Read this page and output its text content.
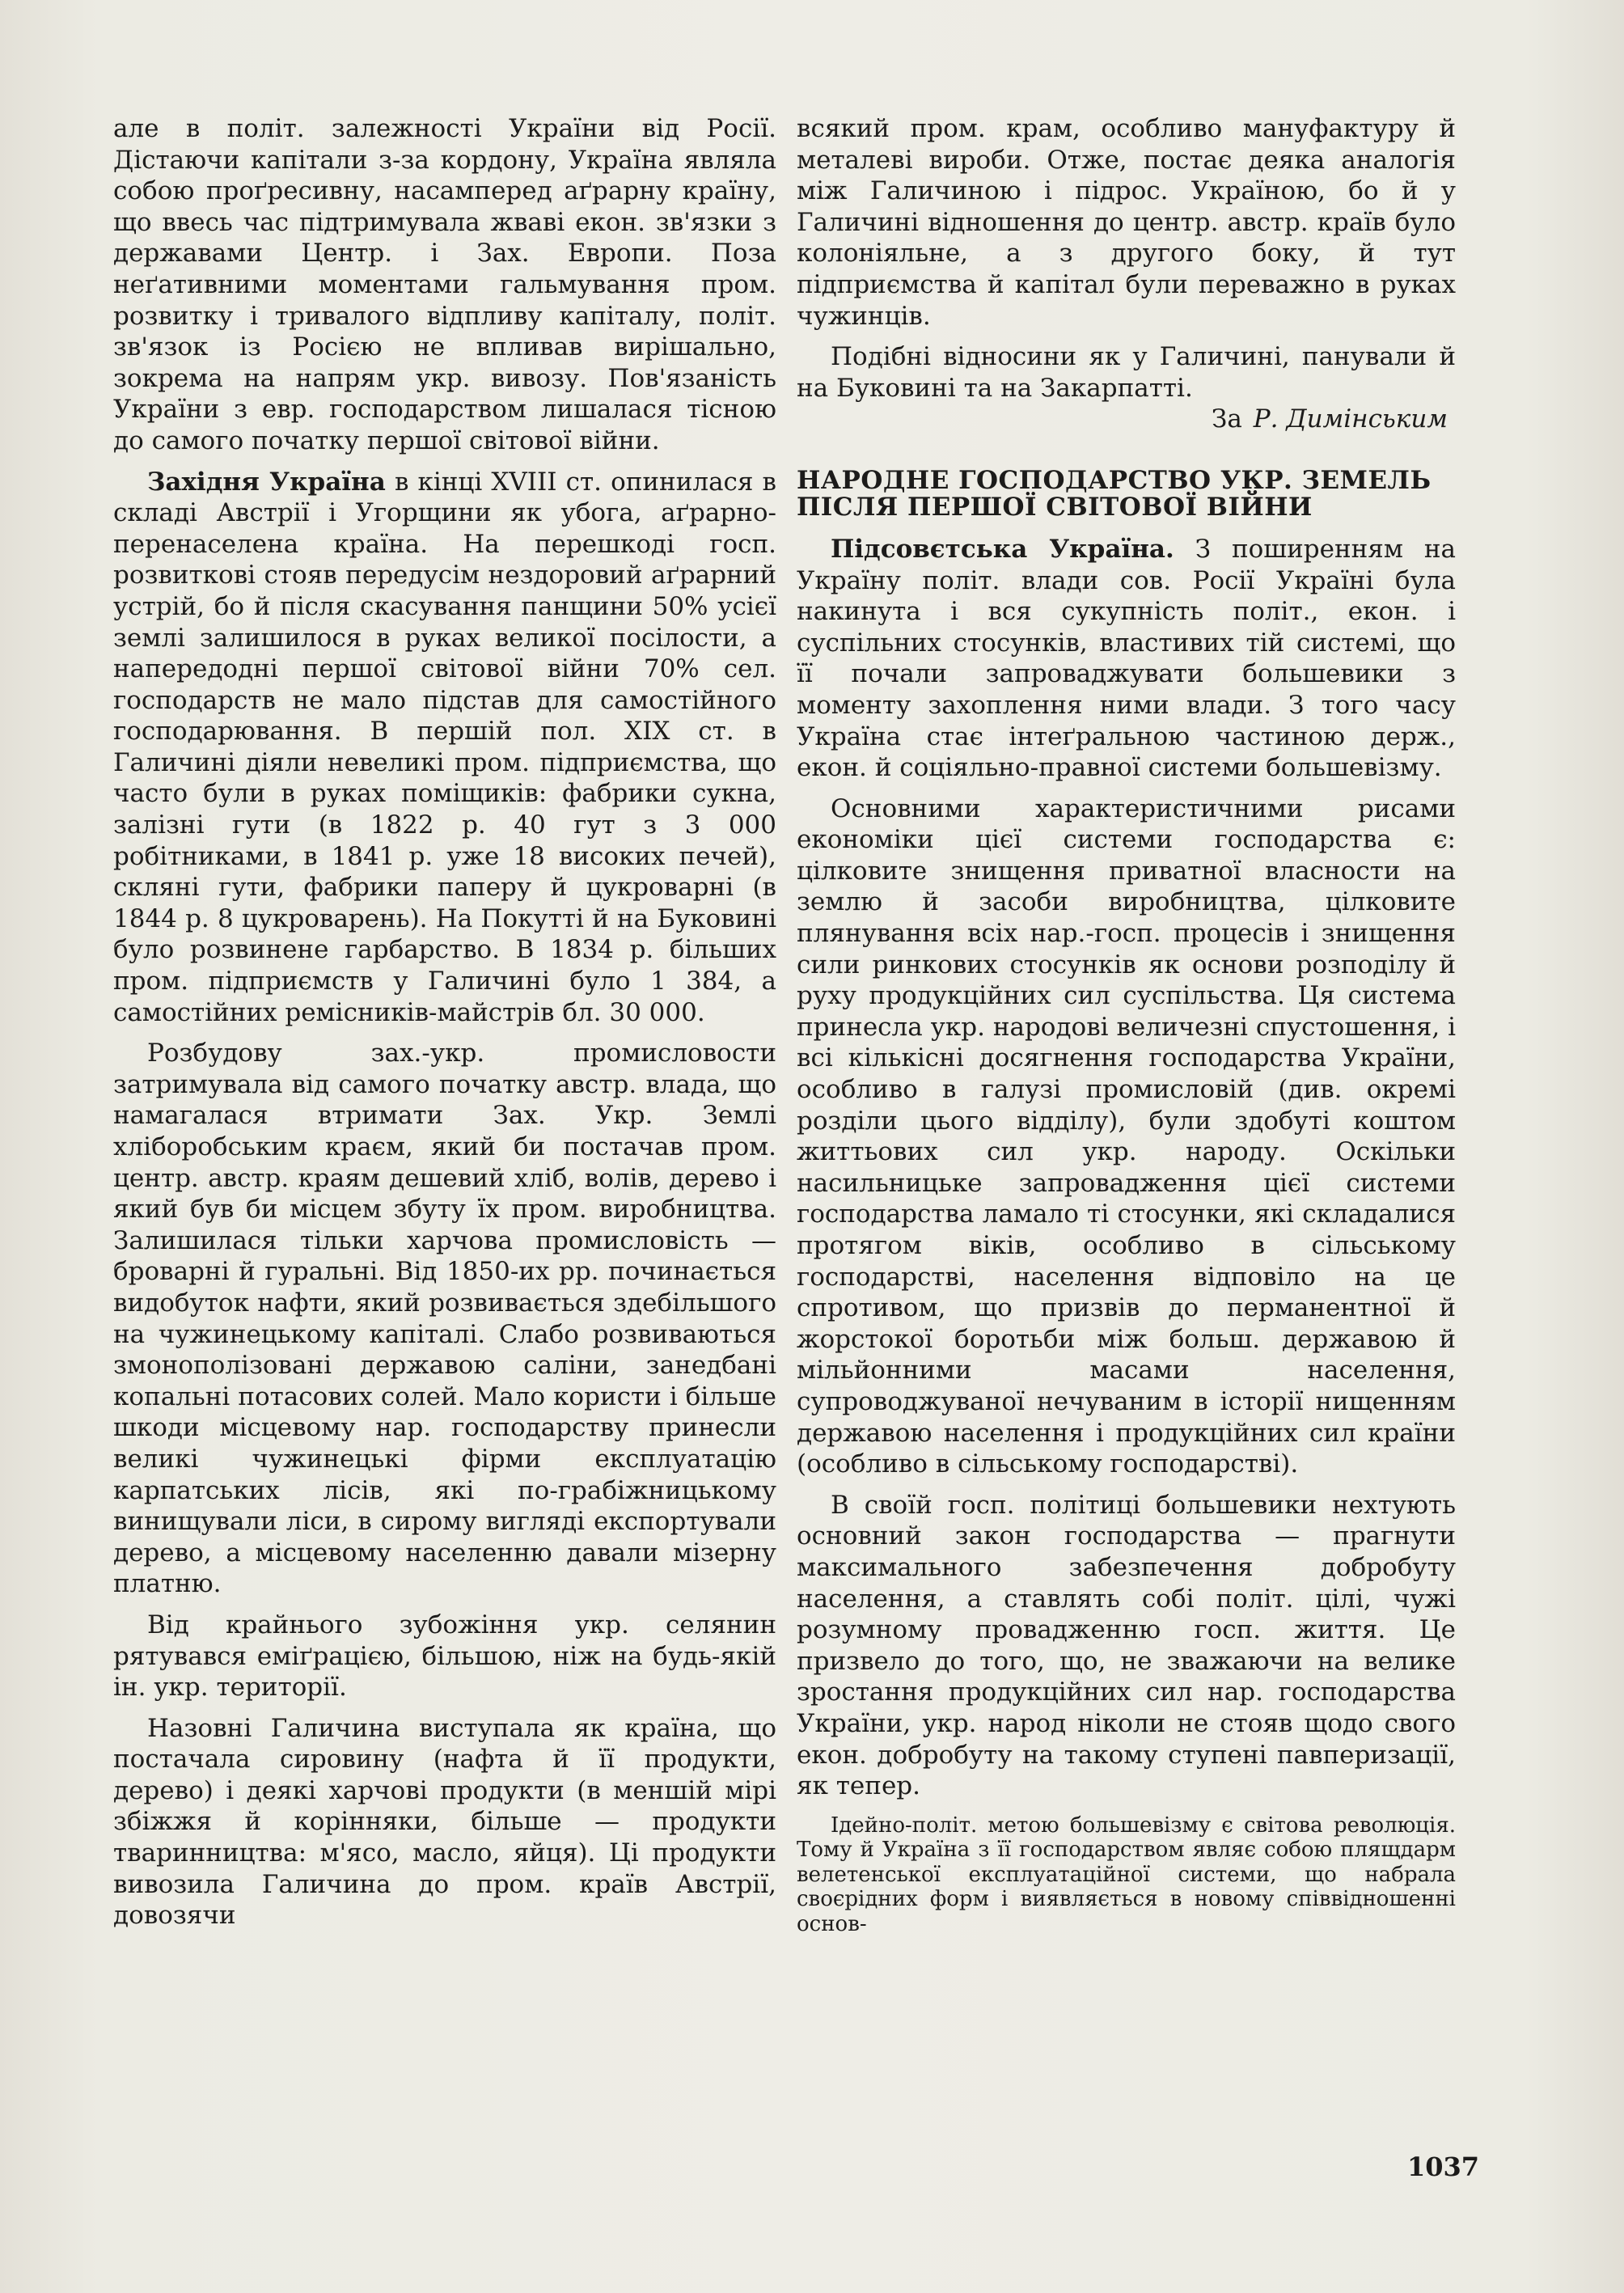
але в політ. залежності України від Росії. Дістаючи капітали з-за кордону, Україна являла собою проґресивну, насамперед аґрарну країну, що ввесь час підтримувала жваві екон. зв'язки з державами Центр. і Зах. Европи. Поза неґативними моментами гальмування пром. розвитку і тривалого відпливу капіталу, політ. зв'язок із Росією не впливав вирішально, зокрема на напрям укр. вивозу. Пов'язаність України з евр. господарством лишалася тісною до самого початку першої світової війни.

Західня Україна в кінці XVIII ст. опинилася в складі Австрії і Угорщини як убога, аґрарно-перенаселена країна. На перешкоді госп. розвиткові стояв передусім нездоровий аґрарний устрій, бо й після скасування панщини 50% усієї землі залишилося в руках великої посілости, а напередодні першої світової війни 70% сел. господарств не мало підстав для самостійного господарювання. В першій пол. XIX ст. в Галичині діяли невеликі пром. підприємства, що часто були в руках поміщиків: фабрики сукна, залізні гути (в 1822 р. 40 гут з 3 000 робітниками, в 1841 р. уже 18 високих печей), скляні гути, фабрики паперу й цукроварні (в 1844 р. 8 цукроварень). На Покутті й на Буковині було розвинене гарбарство. В 1834 р. більших пром. підприємств у Галичині було 1 384, а самостійних ремісників-майстрів бл. 30 000.

Розбудову зах.-укр. промисловости затримувала від самого початку австр. влада, що намагалася втримати Зах. Укр. Землі хліборобським краєм, який би постачав пром. центр. австр. краям дешевий хліб, волів, дерево і який був би місцем збуту їх пром. виробництва. Залишилася тільки харчова промисловість — броварні й гуральні. Від 1850-их рр. починається видобуток нафти, який розвивається здебільшого на чужинецькому капіталі. Слабо розвиваються змонополізовані державою саліни, занедбані копальні потасових солей. Мало користи і більше шкоди місцевому нар. господарству принесли великі чужинецькі фірми експлуатацію карпатських лісів, які по-грабіжницькому винищували ліси, в сирому вигляді експортували дерево, а місцевому населенню давали мізерну платню.

Від крайнього зубожіння укр. селянин рятувався еміґрацією, більшою, ніж на будь-якій ін. укр. території.

Назовні Галичина виступала як країна, що постачала сировину (нафта й її продукти, дерево) і деякі харчові продукти (в меншій мірі збіжжя й корінняки, більше — продукти тваринництва: м'ясо, масло, яйця). Ці продукти вивозила Галичина до пром. країв Австрії, довозячи

всякий пром. крам, особливо мануфактуру й металеві вироби. Отже, постає деяка аналогія між Галичиною і підрос. Україною, бо й у Галичині відношення до центр. австр. країв було колоніяльне, а з другого боку, й тут підприємства й капітал були переважно в руках чужинців.

Подібні відносини як у Галичині, панували й на Буковині та на Закарпатті.

За Р. Димінським

НАРОДНЕ ГОСПОДАРСТВО УКР. ЗЕМЕЛЬ ПІСЛЯ ПЕРШОЇ СВІТОВОЇ ВІЙНИ

Підсовєтська Україна. З поширенням на Україну політ. влади сов. Росії Україні була накинута і вся сукупність політ., екон. і суспільних стосунків, властивих тій системі, що її почали запроваджувати большевики з моменту захоплення ними влади. З того часу Україна стає інтеґральною частиною держ., екон. й соціяльно-правної системи большевізму.

Основними характеристичними рисами економіки цієї системи господарства є: цілковите знищення приватної власности на землю й засоби виробництва, цілковите плянування всіх нар.-госп. процесів і знищення сили ринкових стосунків як основи розподілу й руху продукційних сил суспільства. Ця система принесла укр. народові величезні спустошення, і всі кількісні досягнення господарства України, особливо в галузі промисловій (див. окремі розділи цього відділу), були здобуті коштом життьових сил укр. народу. Оскільки насильницьке запровадження цієї системи господарства ламало ті стосунки, які складалися протягом віків, особливо в сільському господарстві, населення відповіло на це спротивом, що призвів до перманентної й жорстокої боротьби між больш. державою й мільйонними масами населення, супроводжуваної нечуваним в історії нищенням державою населення і продукційних сил країни (особливо в сільському господарстві).

В своїй госп. політиці большевики нехтують основний закон господарства — прагнути максимального забезпечення добробуту населення, а ставлять собі політ. цілі, чужі розумному провадженню госп. життя. Це призвело до того, що, не зважаючи на велике зростання продукційних сил нар. господарства України, укр. народ ніколи не стояв щодо свого екон. добробуту на такому ступені павперизації, як тепер.

Ідейно-політ. метою большевізму є світова революція. Тому й Україна з її господарством являє собою плящдарм велетенської експлуатаційної системи, що набрала своєрідних форм і виявляється в новому співвідношенні основ-

1037
